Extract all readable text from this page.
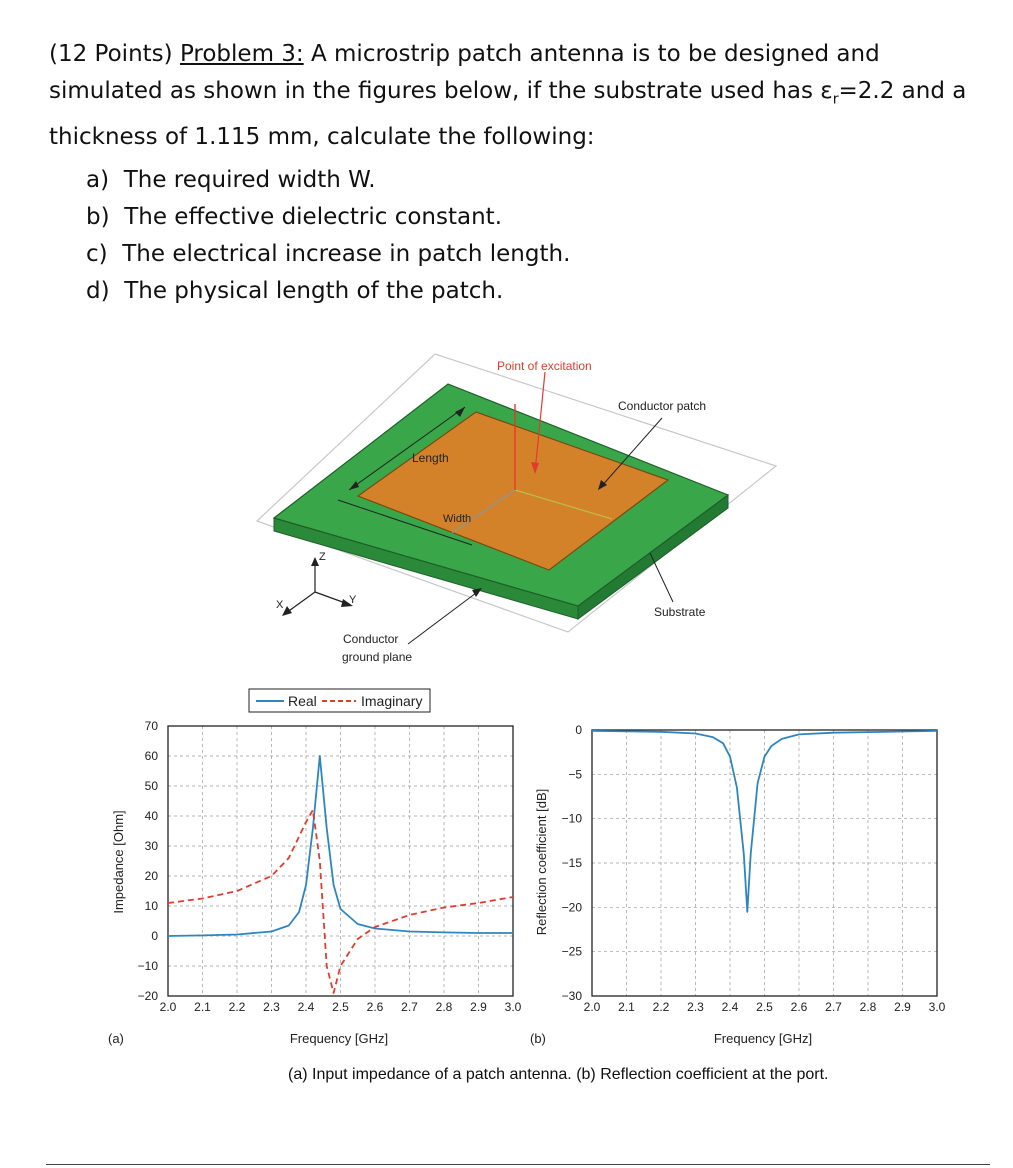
(12 Points) Problem 3: A microstrip patch antenna is to be designed and simulated as shown in the figures below, if the substrate used has $\varepsilon_r=2.2$ and a thickness of 1.115 mm, calculate the following:
a) The required width W.
b) The effective dielectric constant.
c) The electrical increase in patch length.
d) The physical length of the patch.
Point of excitation
Conductor patch
Length
Width
Substrate
Conductor
ground plane
Z
X	Y
Real	Imaginary
Impedance [Ohm]	Reflection coefficient [dB]
Frequency [GHz]	Frequency [GHz]
(a)	(b)
2.0 2.1 2.2 2.3 2.4 2.5 2.6 2.7 2.8 2.9 3.0
70
60
50
40
30
20
10
0
−10
−20
2.0 2.1 2.2 2.3 2.4 2.5 2.6 2.7 2.8 2.9 3.0
0
−5
−10
−15
−20
−25
−30
(a) Input impedance of a patch antenna. (b) Reflection coefficient at the port.
